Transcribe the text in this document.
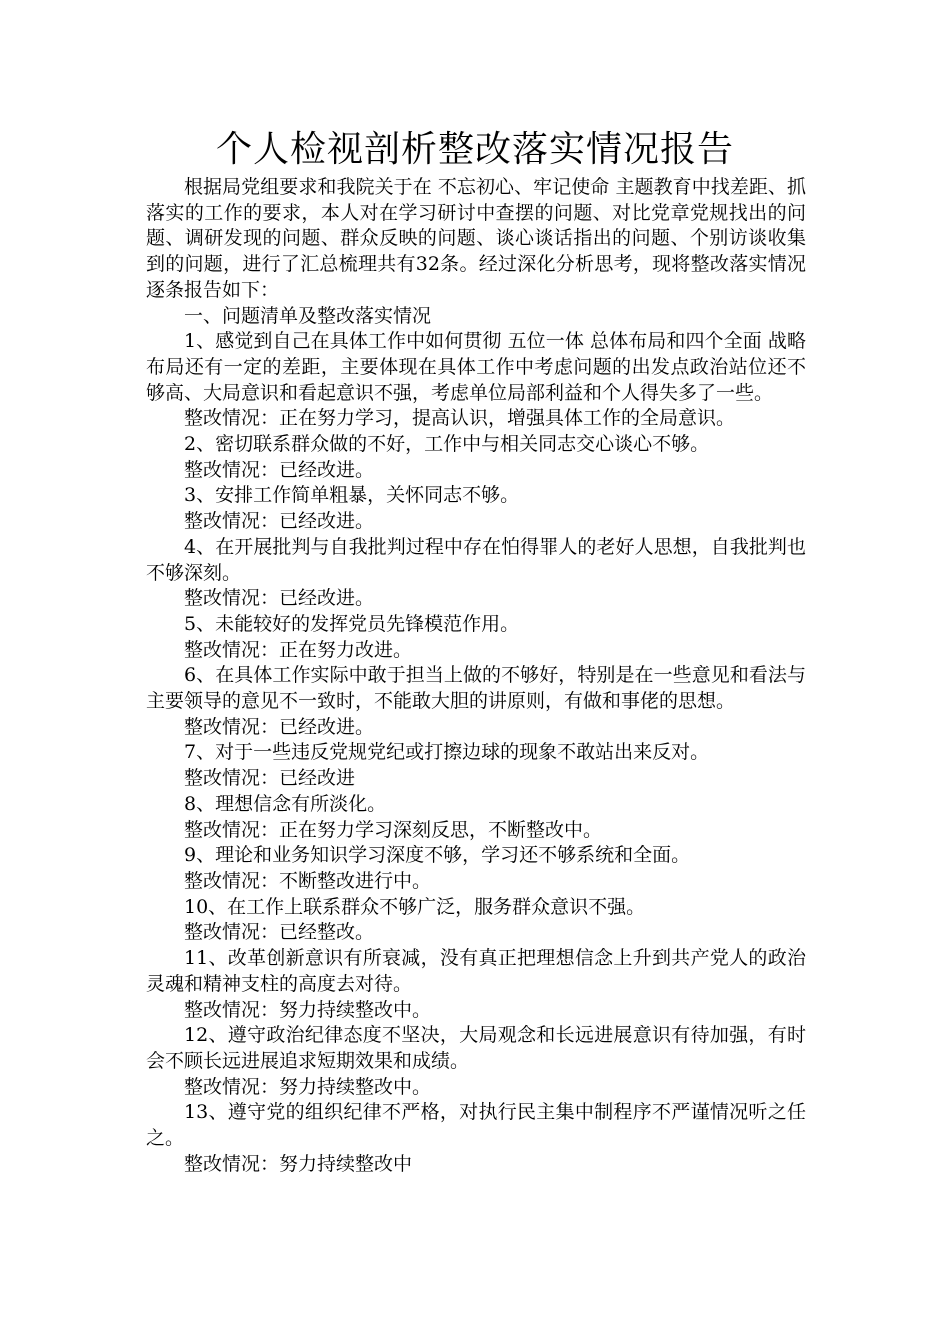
个人检视剖析整改落实情况报告

根据局党组要求和我院关于在 不忘初心、牢记使命 主题教育中找差距、抓落实的工作的要求，本人对在学习研讨中查摆的问题、对比党章党规找出的问题、调研发现的问题、群众反映的问题、谈心谈话指出的问题、个别访谈收集到的问题，进行了汇总梳理共有32条。经过深化分析思考，现将整改落实情况逐条报告如下：

一、问题清单及整改落实情况

1、感觉到自己在具体工作中如何贯彻 五位一体 总体布局和四个全面 战略布局还有一定的差距，主要体现在具体工作中考虑问题的出发点政治站位还不够高、大局意识和看起意识不强，考虑单位局部利益和个人得失多了一些。

整改情况：正在努力学习，提高认识，增强具体工作的全局意识。

2、密切联系群众做的不好，工作中与相关同志交心谈心不够。

整改情况：已经改进。

3、安排工作简单粗暴，关怀同志不够。

整改情况：已经改进。

4、在开展批判与自我批判过程中存在怕得罪人的老好人思想，自我批判也不够深刻。

整改情况：已经改进。

5、未能较好的发挥党员先锋模范作用。

整改情况：正在努力改进。

6、在具体工作实际中敢于担当上做的不够好，特别是在一些意见和看法与主要领导的意见不一致时，不能敢大胆的讲原则，有做和事佬的思想。

整改情况：已经改进。

7、对于一些违反党规党纪或打擦边球的现象不敢站出来反对。

整改情况：已经改进

8、理想信念有所淡化。

整改情况：正在努力学习深刻反思，不断整改中。

9、理论和业务知识学习深度不够，学习还不够系统和全面。

整改情况：不断整改进行中。

10、在工作上联系群众不够广泛，服务群众意识不强。

整改情况：已经整改。

11、改革创新意识有所衰减，没有真正把理想信念上升到共产党人的政治灵魂和精神支柱的高度去对待。

整改情况：努力持续整改中。

12、遵守政治纪律态度不坚决，大局观念和长远进展意识有待加强，有时会不顾长远进展追求短期效果和成绩。

整改情况：努力持续整改中。

13、遵守党的组织纪律不严格，对执行民主集中制程序不严谨情况听之任之。

整改情况：努力持续整改中
